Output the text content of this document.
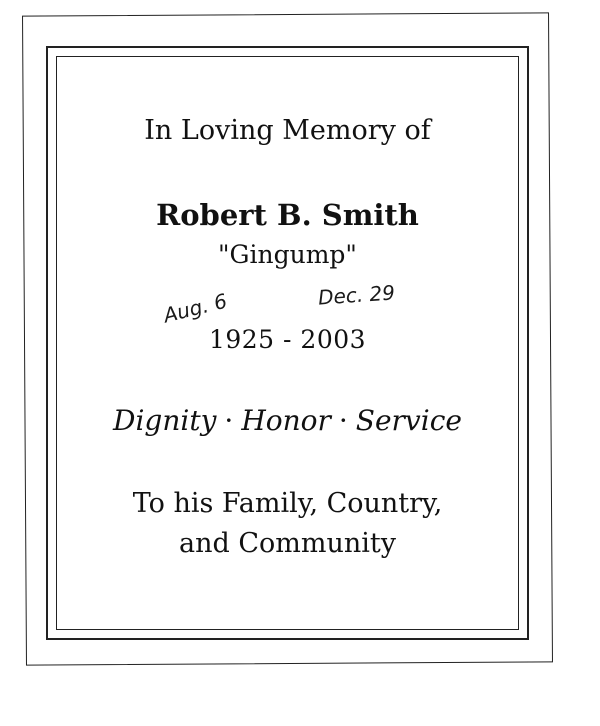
In Loving Memory of
Robert B. Smith
"Gingump"
Aug. 6	Dec. 29
1925 - 2003
Dignity · Honor · Service
To his Family, Country,
and Community
